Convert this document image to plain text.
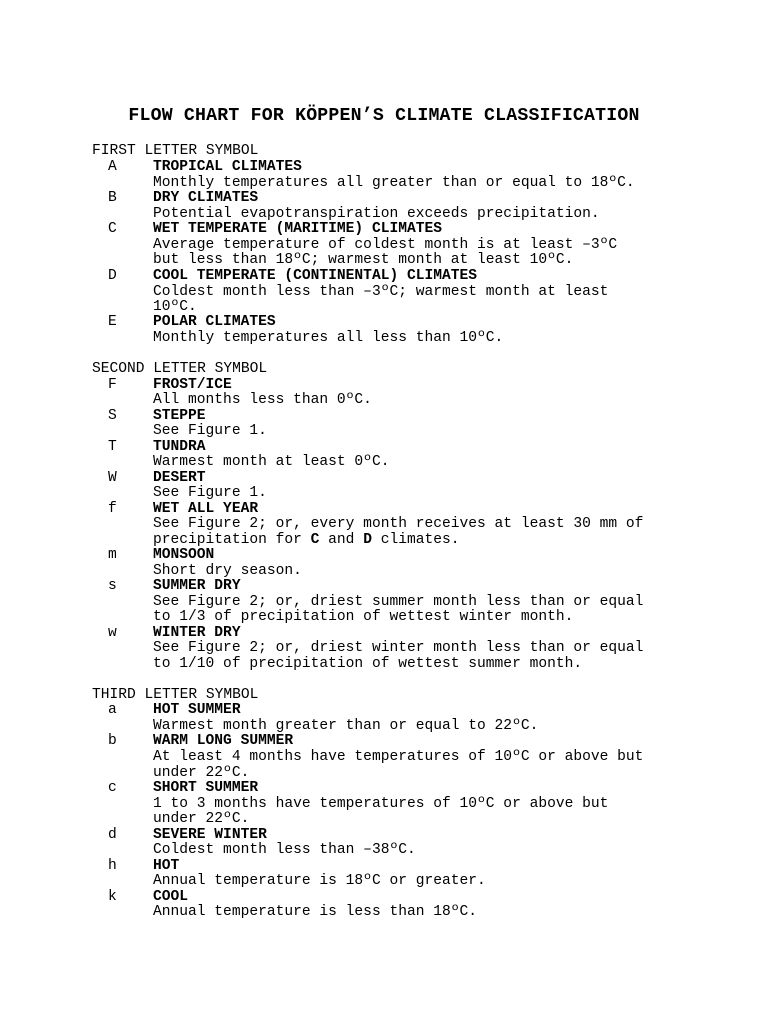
FLOW CHART FOR KÖPPEN’S CLIMATE CLASSIFICATION
FIRST LETTER SYMBOL
A TROPICAL CLIMATES
Monthly temperatures all greater than or equal to 18ºC.
B DRY CLIMATES
Potential evapotranspiration exceeds precipitation.
C WET TEMPERATE (MARITIME) CLIMATES
Average temperature of coldest month is at least –3ºC
but less than 18ºC; warmest month at least 10ºC.
D COOL TEMPERATE (CONTINENTAL) CLIMATES
Coldest month less than –3ºC; warmest month at least
10ºC.
E POLAR CLIMATES
Monthly temperatures all less than 10ºC.
SECOND LETTER SYMBOL
F FROST/ICE
All months less than 0ºC.
S STEPPE
See Figure 1.
T TUNDRA
Warmest month at least 0ºC.
W DESERT
See Figure 1.
f WET ALL YEAR
See Figure 2; or, every month receives at least 30 mm of
precipitation for C and D climates.
m MONSOON
Short dry season.
s SUMMER DRY
See Figure 2; or, driest summer month less than or equal
to 1/3 of precipitation of wettest winter month.
w WINTER DRY
See Figure 2; or, driest winter month less than or equal
to 1/10 of precipitation of wettest summer month.
THIRD LETTER SYMBOL
a HOT SUMMER
Warmest month greater than or equal to 22ºC.
b WARM LONG SUMMER
At least 4 months have temperatures of 10ºC or above but
under 22ºC.
c SHORT SUMMER
1 to 3 months have temperatures of 10ºC or above but
under 22ºC.
d SEVERE WINTER
Coldest month less than –38ºC.
h HOT
Annual temperature is 18ºC or greater.
k COOL
Annual temperature is less than 18ºC.
